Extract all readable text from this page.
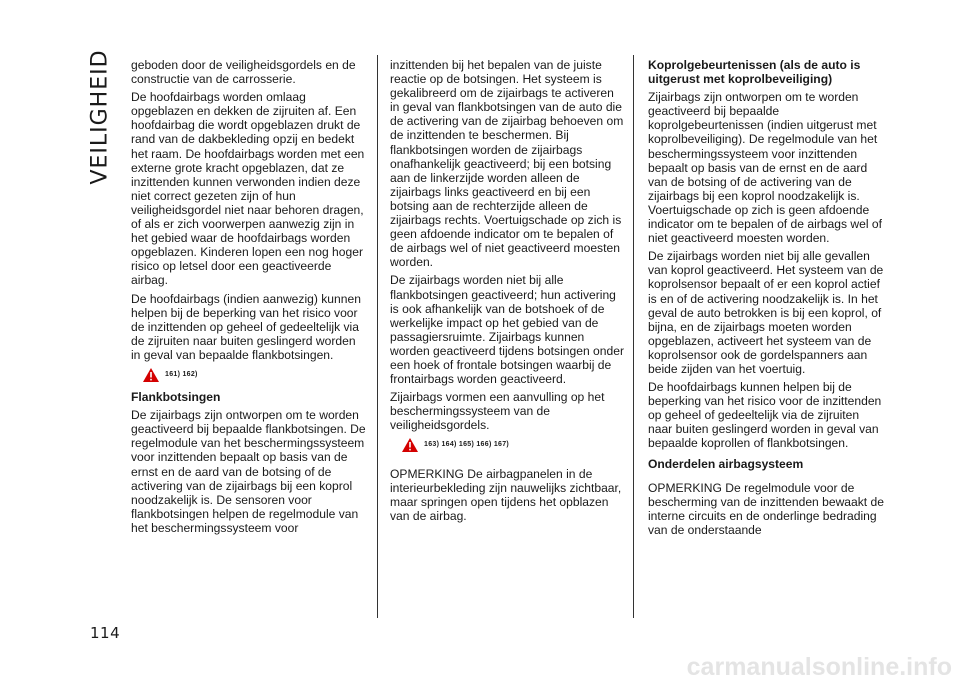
VEILIGHEID
114

geboden door de veiligheidsgordels en de constructie van de carrosserie.

De hoofdairbags worden omlaag opgeblazen en dekken de zijruiten af. Een hoofdairbag die wordt opgeblazen drukt de rand van de dakbekleding opzij en bedekt het raam. De hoofdairbags worden met een externe grote kracht opgeblazen, dat ze inzittenden kunnen verwonden indien deze niet correct gezeten zijn of hun veiligheidsgordel niet naar behoren dragen, of als er zich voorwerpen aanwezig zijn in het gebied waar de hoofdairbags worden opgeblazen. Kinderen lopen een nog hoger risico op letsel door een geactiveerde airbag.

De hoofdairbags (indien aanwezig) kunnen helpen bij de beperking van het risico voor de inzittenden op geheel of gedeeltelijk via de zijruiten naar buiten geslingerd worden in geval van bepaalde flankbotsingen.

161) 162)

Flankbotsingen

De zijairbags zijn ontworpen om te worden geactiveerd bij bepaalde flankbotsingen. De regelmodule van het beschermingssysteem voor inzittenden bepaalt op basis van de ernst en de aard van de botsing of de activering van de zijairbags bij een koprol noodzakelijk is. De sensoren voor flankbotsingen helpen de regelmodule van het beschermingssysteem voor

inzittenden bij het bepalen van de juiste reactie op de botsingen. Het systeem is gekalibreerd om de zijairbags te activeren in geval van flankbotsingen van de auto die de activering van de zijairbag behoeven om de inzittenden te beschermen. Bij flankbotsingen worden de zijairbags onafhankelijk geactiveerd; bij een botsing aan de linkerzijde worden alleen de zijairbags links geactiveerd en bij een botsing aan de rechterzijde alleen de zijairbags rechts. Voertuigschade op zich is geen afdoende indicator om te bepalen of de airbags wel of niet geactiveerd moesten worden.

De zijairbags worden niet bij alle flankbotsingen geactiveerd; hun activering is ook afhankelijk van de botshoek of de werkelijke impact op het gebied van de passagiersruimte. Zijairbags kunnen worden geactiveerd tijdens botsingen onder een hoek of frontale botsingen waarbij de frontairbags worden geactiveerd.

Zijairbags vormen een aanvulling op het beschermingssysteem van de veiligheidsgordels.

163) 164) 165) 166) 167)

OPMERKING De airbagpanelen in de interieurbekleding zijn nauwelijks zichtbaar, maar springen open tijdens het opblazen van de airbag.

Koprolgebeurtenissen (als de auto is uitgerust met koprolbeveiliging)

Zijairbags zijn ontworpen om te worden geactiveerd bij bepaalde koprolgebeurtenissen (indien uitgerust met koprolbeveiliging). De regelmodule van het beschermingssysteem voor inzittenden bepaalt op basis van de ernst en de aard van de botsing of de activering van de zijairbags bij een koprol noodzakelijk is. Voertuigschade op zich is geen afdoende indicator om te bepalen of de airbags wel of niet geactiveerd moesten worden.

De zijairbags worden niet bij alle gevallen van koprol geactiveerd. Het systeem van de koprolsensor bepaalt of er een koprol actief is en of de activering noodzakelijk is. In het geval de auto betrokken is bij een koprol, of bijna, en de zijairbags moeten worden opgeblazen, activeert het systeem van de koprolsensor ook de gordelspanners aan beide zijden van het voertuig.

De hoofdairbags kunnen helpen bij de beperking van het risico voor de inzittenden op geheel of gedeeltelijk via de zijruiten naar buiten geslingerd worden in geval van bepaalde koprollen of flankbotsingen.

Onderdelen airbagsysteem

OPMERKING De regelmodule voor de bescherming van de inzittenden bewaakt de interne circuits en de onderlinge bedrading van de onderstaande

carmanualsonline.info
